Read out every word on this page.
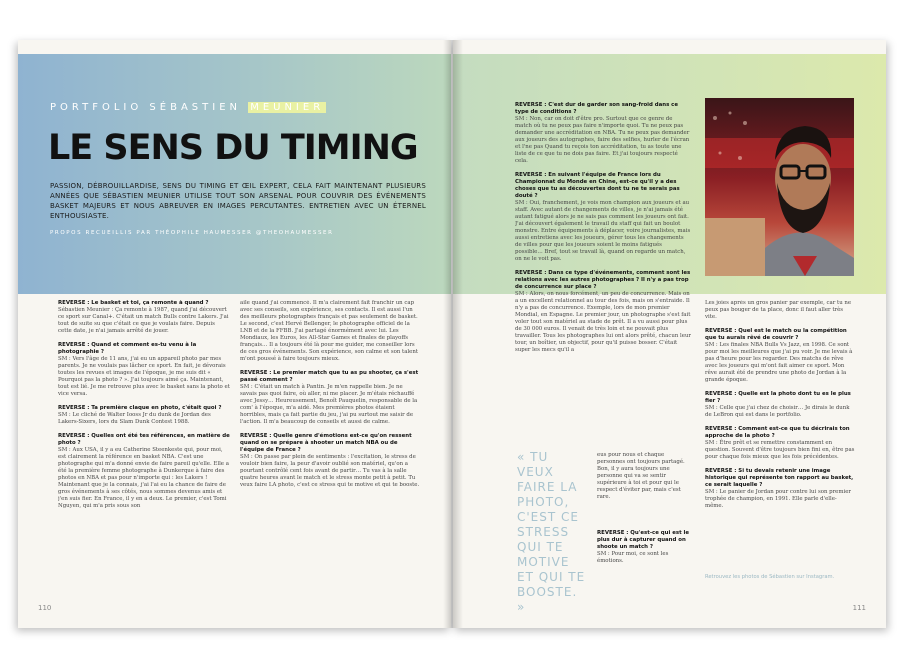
PORTFOLIO SÉBASTIEN MEUNIER
LE SENS DU TIMING
PASSION, DÉBROUILLARDISE, SENS DU TIMING ET ŒIL EXPERT, CELA FAIT MAINTENANT PLUSIEURS ANNÉES QUE SÉBASTIEN MEUNIER UTILISE TOUT SON ARSENAL POUR COUVRIR DES ÉVÉNEMENTS BASKET MAJEURS ET NOUS ABREUVER EN IMAGES PERCUTANTES. ENTRETIEN AVEC UN ÉTERNEL ENTHOUSIASTE.
PROPOS RECUEILLIS PAR THÉOPHILE HAUMESSER @THEOHAUMESSER

REVERSE : Le basket et toi, ça remonte à quand ?
Sébastien Meunier : Ça remonte à 1987, quand j'ai découvert ce sport sur Canal+. C'était un match Bulls contre Lakers. J'ai tout de suite su que c'était ce que je voulais faire. Depuis cette date, je n'ai jamais arrêté de jouer.

REVERSE : Quand et comment es-tu venu à la photographie ?
SM : Vers l'âge de 11 ans, j'ai eu un appareil photo par mes parents. Je ne voulais pas lâcher ce sport. En fait, je dévorais toutes les revues et images de l'époque, je me suis dit « Pourquoi pas la photo ? ». J'ai toujours aimé ça. Maintenant, tout est lié. Je me retrouve plus avec le basket sans la photo et vice versa.

REVERSE : Ta première claque en photo, c'était quoi ?
SM : Le cliché de Walter Iooss Jr du dunk de Jordan des Lakers-Sixers, lors du Slam Dunk Contest 1988.

REVERSE : Quelles ont été tes références, en matière de photo ?
SM : Aux USA, il y a eu Catherine Steenkeste qui, pour moi, est clairement la référence en basket NBA. C'est une photographe qui m'a donné envie de faire pareil qu'elle. Elle a été la première femme photographe à Dunkerque à faire des photos en NBA et pas pour n'importe qui : les Lakers ! Maintenant que je la connais, j'ai l'ai eu la chance de faire de gros événements à ses côtés, nous sommes devenus amis et j'en suis fier. En France, il y en a deux. Le premier, c'est Tomi Nguyen, qui m'a pris sous son

aile quand j'ai commencé. Il m'a clairement fait franchir un cap avec ses conseils, son expérience, ses contacts. Il est aussi l'un des meilleurs photographes français et pas seulement de basket. Le second, c'est Hervé Bellenger, le photographe officiel de la LNB et de la FFBB. J'ai partagé énormément avec lui. Les Mondiaux, les Euros, les All-Star Games et finales de playoffs français… Il a toujours été là pour me guider, me conseiller lors de ces gros événements. Son expérience, son calme et son talent m'ont poussé à faire toujours mieux.

REVERSE : Le premier match que tu as pu shooter, ça s'est passé comment ?
SM : C'était un match à Pantin. Je m'en rappelle bien. Je ne savais pas quoi faire, où aller, ni me placer. Je m'étais réchauffé avec Jessy… Heureusement, Benoît Pauquelin, responsable de la com' à l'époque, m'a aidé. Mes premières photos étaient horribles, mais ça fait partie du jeu, j'ai pu surtout me saisir de l'action. Il m'a beaucoup de conseils et aussi de calme.

REVERSE : Quelle genre d'émotions est-ce qu'on ressent quand on se prépare à shooter un match NBA ou de l'équipe de France ?
SM : On passe par plein de sentiments : l'excitation, le stress de vouloir bien faire, la peur d'avoir oublié son matériel, qu'on a pourtant contrôlé cent fois avant de partir… Tu vas à la salle quatre heures avant le match et le stress monte petit à petit. Tu veux faire LA photo, c'est ce stress qui te motive et qui te booste.

110

REVERSE : C'est dur de garder son sang-froid dans ce type de conditions ?
SM : Non, car on doit d'être pro. Surtout que ce genre de match où tu ne peux pas faire n'importe quoi. Tu ne peux pas demander une accréditation en NBA. Tu ne peux pas demander aux joueurs des autographes, faire des selfies, hurler de l'écran et l'ne pas Quand tu reçois ton accréditation, tu as toute une liste de ce que tu ne dois pas faire. Et j'ai toujours respecté cela.

REVERSE : En suivant l'équipe de France lors du Championnat du Monde en Chine, est-ce qu'il y a des choses que tu as découvertes dont tu ne te serais pas douté ?
SM : Oui, franchement, je vois mon champion aux joueurs et au staff. Avec autant de changements de villes, je n'ai jamais été autant fatigué alors je ne sais pas comment les joueurs ont fait. J'ai découvert également le travail du staff qui fait un boulot monstre. Entre équipements à déplacer, voire journalistes, mais aussi entretiens avec les joueurs, gérer tous les changements de villes pour que les joueurs soient le moins fatigués possible… Bref, tout se travail là, quand on regarde un match, on ne le voit pas.

REVERSE : Dans ce type d'événements, comment sont les relations avec les autres photographes ? Il n'y a pas trop de concurrence sur place ?
SM : Alors, on nous forcément, un peu de concurrence. Mais on a un excellent relationnel au tour des fois, mais on s'entraide. Il n'y a pas de concurrence. Exemple, lors de mon premier Mondial, en Espagne. Le premier jour, un photographe s'est fait voler tout son matériel au stade de prêt. Il a vu aussi pour plus de 30 000 euros. Il venait de très loin et ne pouvait plus travailler. Tous les photographes lui ont alors prêté, chacun leur tour, un boîtier, un objectif, pour qu'il puisse bosser. C'était super les mecs qu'il a

eus pour nous et chaque personnes ont toujours partagé. Bon, il y aura toujours une personne qui va se sentir supérieure à toi et pour qui le respect d'éviter par, mais c'est rare.

REVERSE : Qu'est-ce qui est le plus dur à capturer quand on shoote un match ?
SM : Pour moi, ce sont les émotions.

« TU VEUX FAIRE LA PHOTO, C'EST CE STRESS QUI TE MOTIVE ET QUI TE BOOSTE. »

Les joies après un gros panier par exemple, car tu ne peux pas bouger de ta place, donc il faut aller très vite.

REVERSE : Quel est le match ou la compétition que tu aurais rêvé de couvrir ?
SM : Les finales NBA Bulls Vs Jazz, en 1998. Ce sont pour moi les meilleures que j'ai pu voir. Je me levais à pas d'heure pour les regarder. Des matchs de rêve avec les joueurs qui m'ont fait aimer ce sport. Mon rêve aurait été de prendre une photo de Jordan à la grande époque.

REVERSE : Quelle est la photo dont tu es le plus fier ?
SM : Celle que j'ai chez de choisir… Je dirais le dunk de LeBron qui est dans le portfolio.

REVERSE : Comment est-ce que tu décrirais ton approche de la photo ?
SM : Être prêt et se remettre constamment en question. Souvent d'être toujours bien fini en, être pas pour chaque fois mieux que les fois précédentes.

REVERSE : Si tu devais retenir une image historique qui représente ton rapport au basket, ce serait laquelle ?
SM : Le panier de Jordan pour contre lui son premier trophée de champion, en 1991. Elle parle d'elle-même.

Retrouvez les photos de Sébastien sur Instagram.
111
